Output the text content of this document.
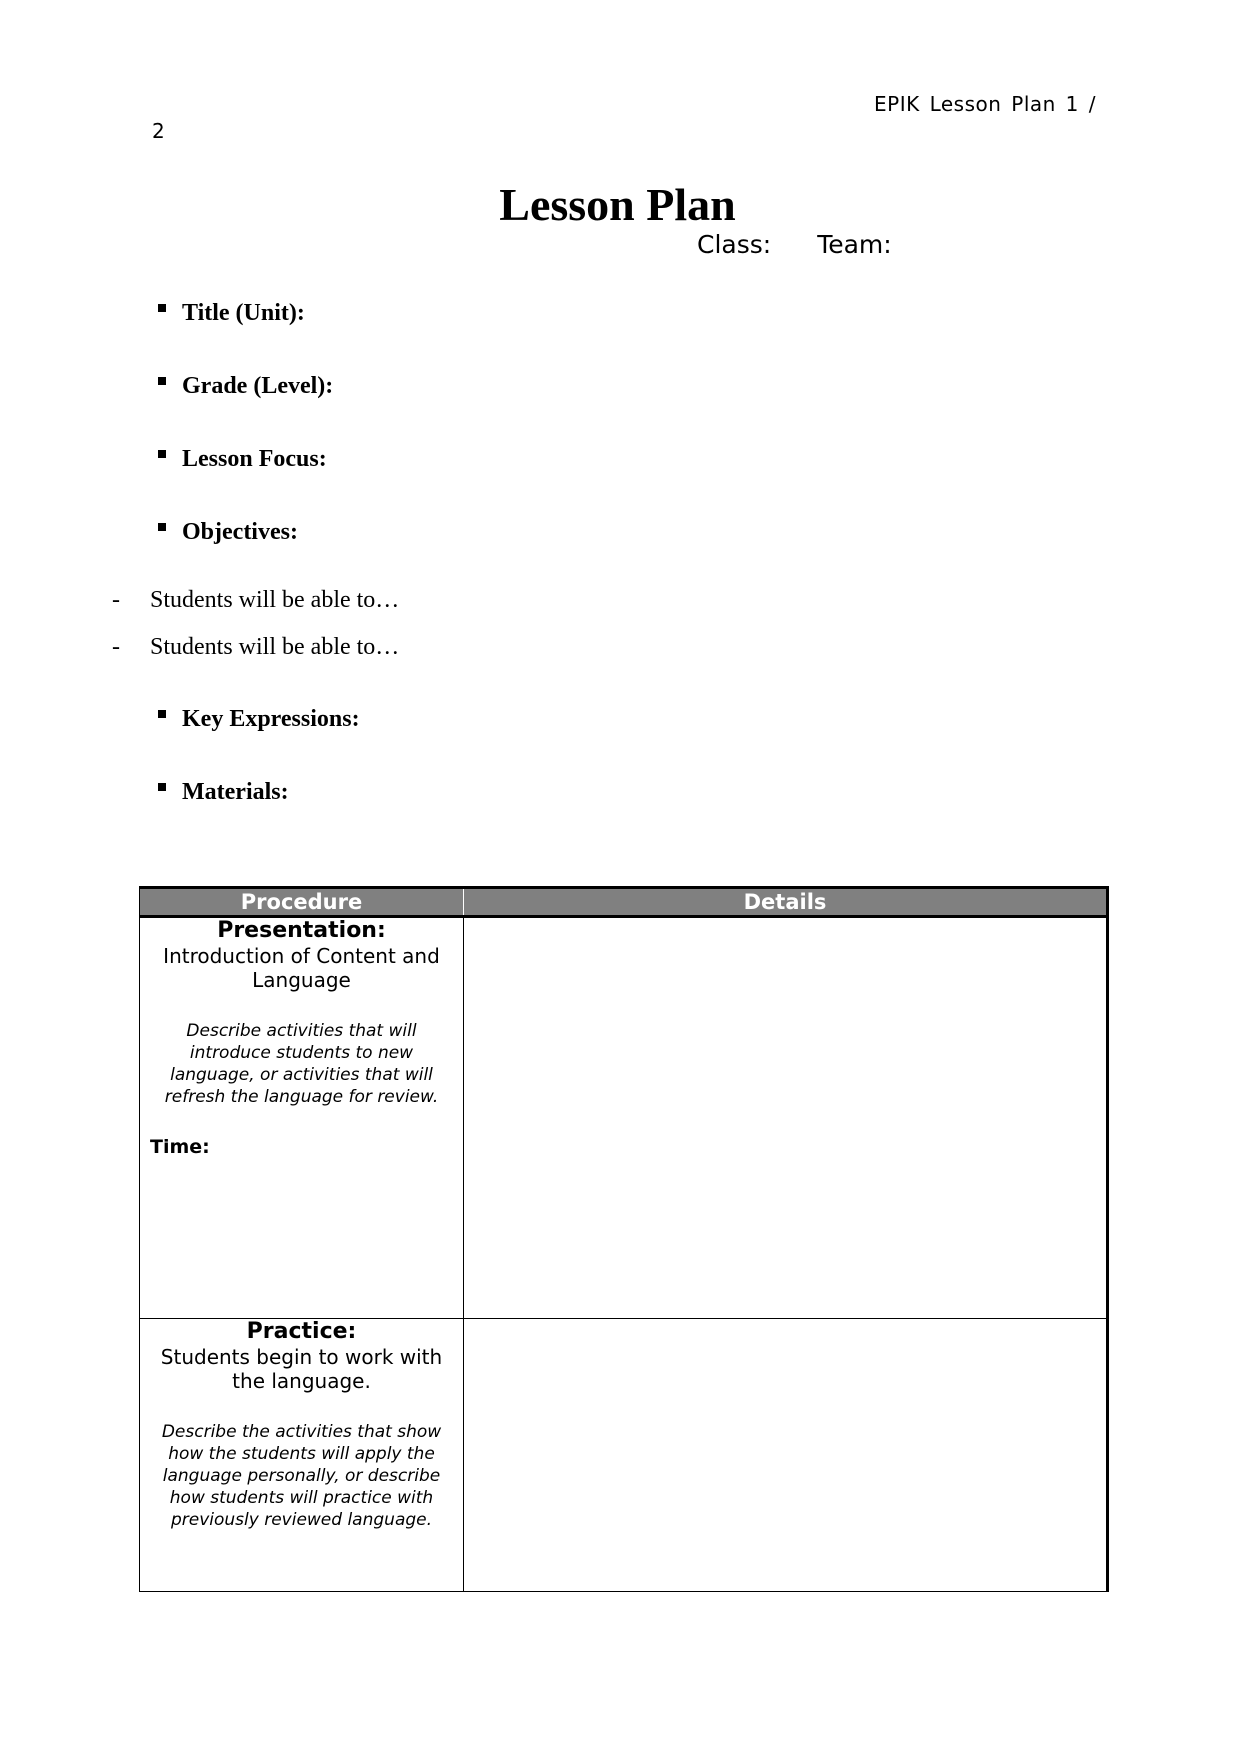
EPIK Lesson Plan 1 /
2
Lesson Plan
Class: Team:
Title (Unit):
Grade (Level):
Lesson Focus:
Objectives:
- Students will be able to…
- Students will be able to…
Key Expressions:
Materials:
Procedure	Details

Presentation:
Introduction of Content and Language
Describe activities that will introduce students to new language, or activities that will refresh the language for review.
Time:	

Practice:
Students begin to work with the language.
Describe the activities that show how the students will apply the language personally, or describe how students will practice with previously reviewed language.	
